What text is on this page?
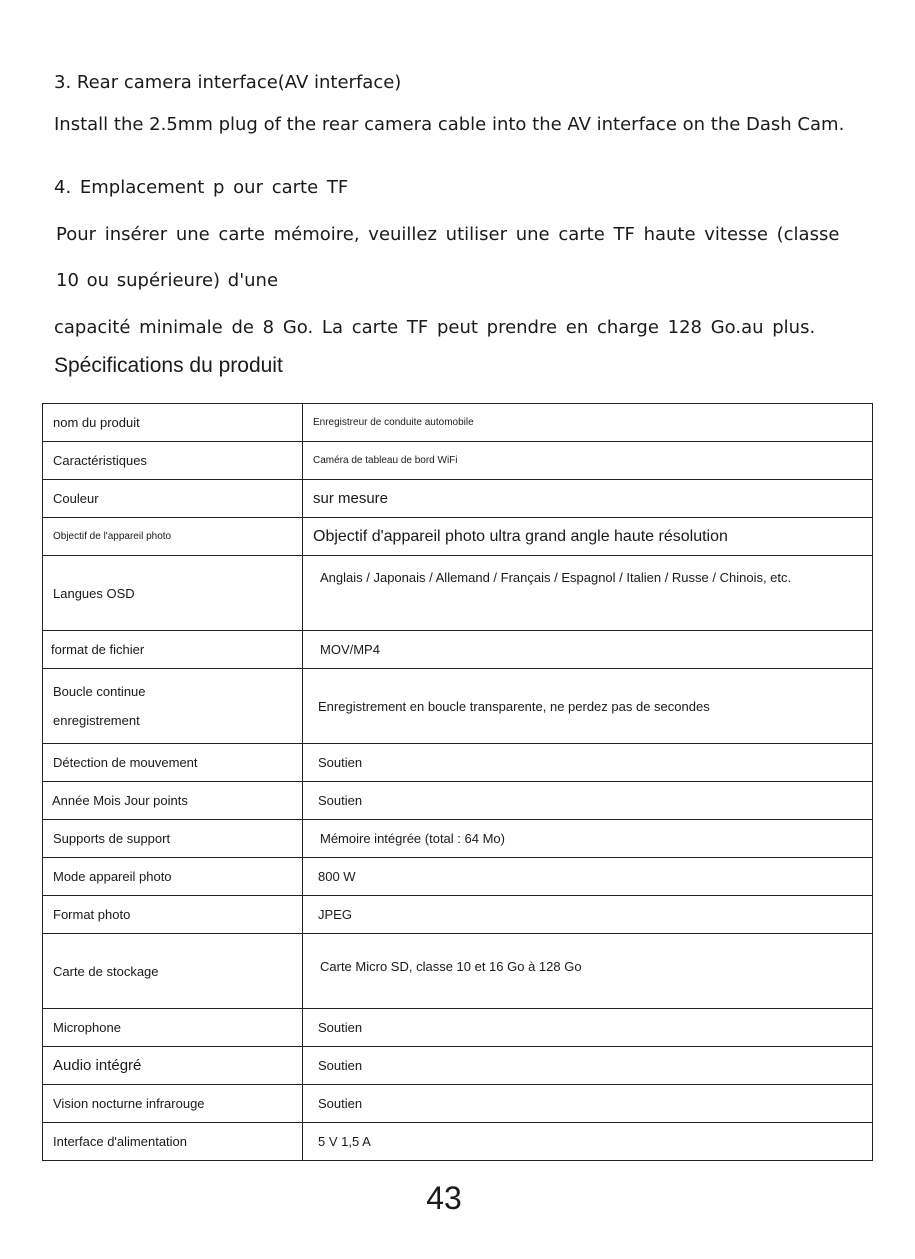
3. Rear camera interface(AV interface)
Install the 2.5mm plug of the rear camera cable into the AV interface on the Dash Cam.
4. Emplacement p our carte TF
Pour insérer une carte mémoire, veuillez utiliser une carte TF haute vitesse (classe
10 ou supérieure) d'une
capacité minimale de 8 Go. La carte TF peut prendre en charge 128 Go.au plus.
Spécifications du produit
nom du produit	Enregistreur de conduite automobile
Caractéristiques	Caméra de tableau de bord WiFi
Couleur	sur mesure
Objectif de l'appareil photo	Objectif d'appareil photo ultra grand angle haute résolution
Langues OSD	Anglais / Japonais / Allemand / Français / Espagnol / Italien / Russe / Chinois, etc.
format de fichier	MOV/MP4

Boucle continue
enregistrement	Enregistrement en boucle transparente, ne perdez pas de secondes
Détection de mouvement	Soutien
Année Mois Jour points	Soutien
Supports de support	Mémoire intégrée (total : 64 Mo)
Mode appareil photo	800 W
Format photo	JPEG
Carte de stockage	Carte Micro SD, classe 10 et 16 Go à 128 Go
Microphone	Soutien
Audio intégré	Soutien
Vision nocturne infrarouge	Soutien
Interface d'alimentation	5 V 1,5 A
43
